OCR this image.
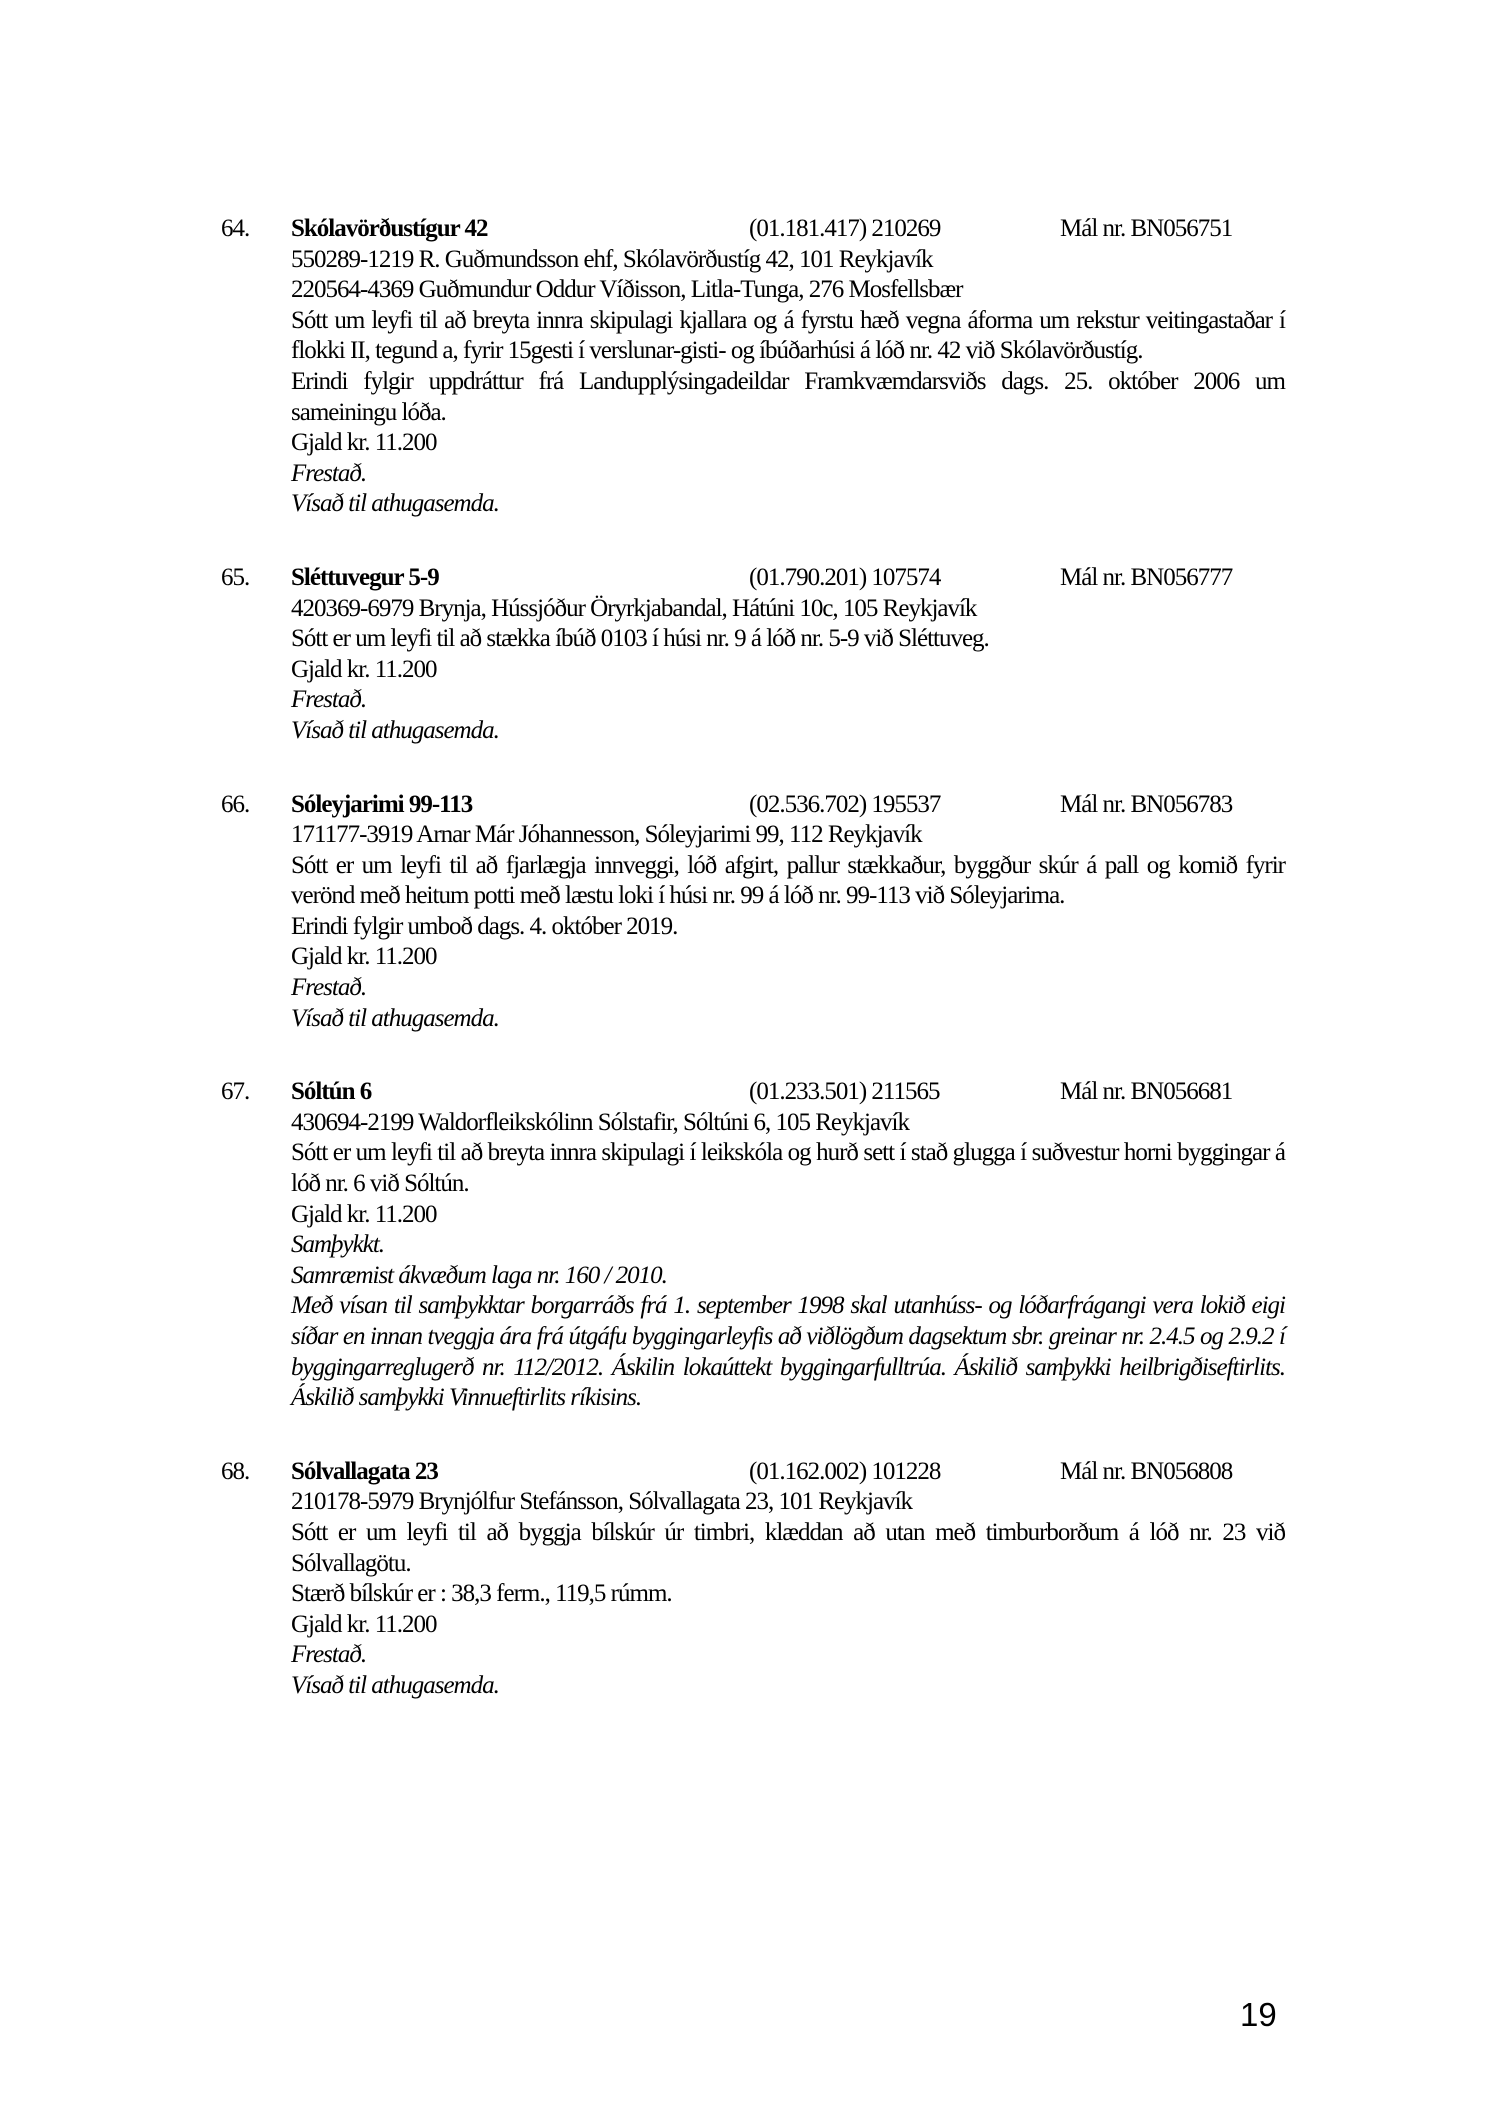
64.	Skólavörðustígur 42	(01.181.417) 210269	Mál nr. BN056751

550289-1219 R. Guðmundsson ehf, Skólavörðustíg 42, 101 Reykjavík

220564-4369 Guðmundur Oddur Víðisson, Litla-Tunga, 276 Mosfellsbær

Sótt um leyfi til að breyta innra skipulagi kjallara og á fyrstu hæð vegna áforma um rekstur veitingastaðar í flokki II, tegund a, fyrir 15gesti í verslunar-gisti- og íbúðarhúsi á lóð nr. 42 við Skólavörðustíg.

Erindi fylgir uppdráttur frá Landupplýsingadeildar Framkvæmdarsviðs dags. 25. október 2006 um sameiningu lóða.

Gjald kr. 11.200

Frestað.

Vísað til athugasemda.

65.	Sléttuvegur 5-9	(01.790.201) 107574	Mál nr. BN056777

420369-6979 Brynja, Hússjóður Öryrkjabandal, Hátúni 10c, 105 Reykjavík

Sótt er um leyfi til að stækka íbúð 0103 í húsi nr. 9 á lóð nr. 5-9 við Sléttuveg.

Gjald kr. 11.200

Frestað.

Vísað til athugasemda.

66.	Sóleyjarimi 99-113	(02.536.702) 195537	Mál nr. BN056783

171177-3919 Arnar Már Jóhannesson, Sóleyjarimi 99, 112 Reykjavík

Sótt er um leyfi til að fjarlægja innveggi, lóð afgirt, pallur stækkaður, byggður skúr á pall og komið fyrir verönd með heitum potti með læstu loki í húsi nr. 99 á lóð nr. 99-113 við Sóleyjarima.

Erindi fylgir umboð dags. 4. október 2019.

Gjald kr. 11.200

Frestað.

Vísað til athugasemda.

67.	Sóltún 6	(01.233.501) 211565	Mál nr. BN056681

430694-2199 Waldorfleikskólinn Sólstafir, Sóltúni 6, 105 Reykjavík

Sótt er um leyfi til að breyta innra skipulagi í leikskóla og hurð sett í stað glugga í suðvestur horni byggingar á lóð nr. 6 við Sóltún.

Gjald kr. 11.200

Samþykkt.

Samræmist ákvæðum laga nr. 160 / 2010.

Með vísan til samþykktar borgarráðs frá 1. september 1998 skal utanhúss- og lóðarfrágangi vera lokið eigi síðar en innan tveggja ára frá útgáfu byggingarleyfis að viðlögðum dagsektum sbr. greinar nr. 2.4.5 og 2.9.2 í byggingarreglugerð nr. 112/2012. Áskilin lokaúttekt byggingarfulltrúa. Áskilið samþykki heilbrigðiseftirlits. Áskilið samþykki Vinnueftirlits ríkisins.

68.	Sólvallagata 23	(01.162.002) 101228	Mál nr. BN056808

210178-5979 Brynjólfur Stefánsson, Sólvallagata 23, 101 Reykjavík

Sótt er um leyfi til að byggja bílskúr úr timbri, klæddan að utan með timburborðum á lóð nr. 23 við Sólvallagötu.

Stærð bílskúr er : 38,3 ferm., 119,5 rúmm.

Gjald kr. 11.200

Frestað.

Vísað til athugasemda.

19
